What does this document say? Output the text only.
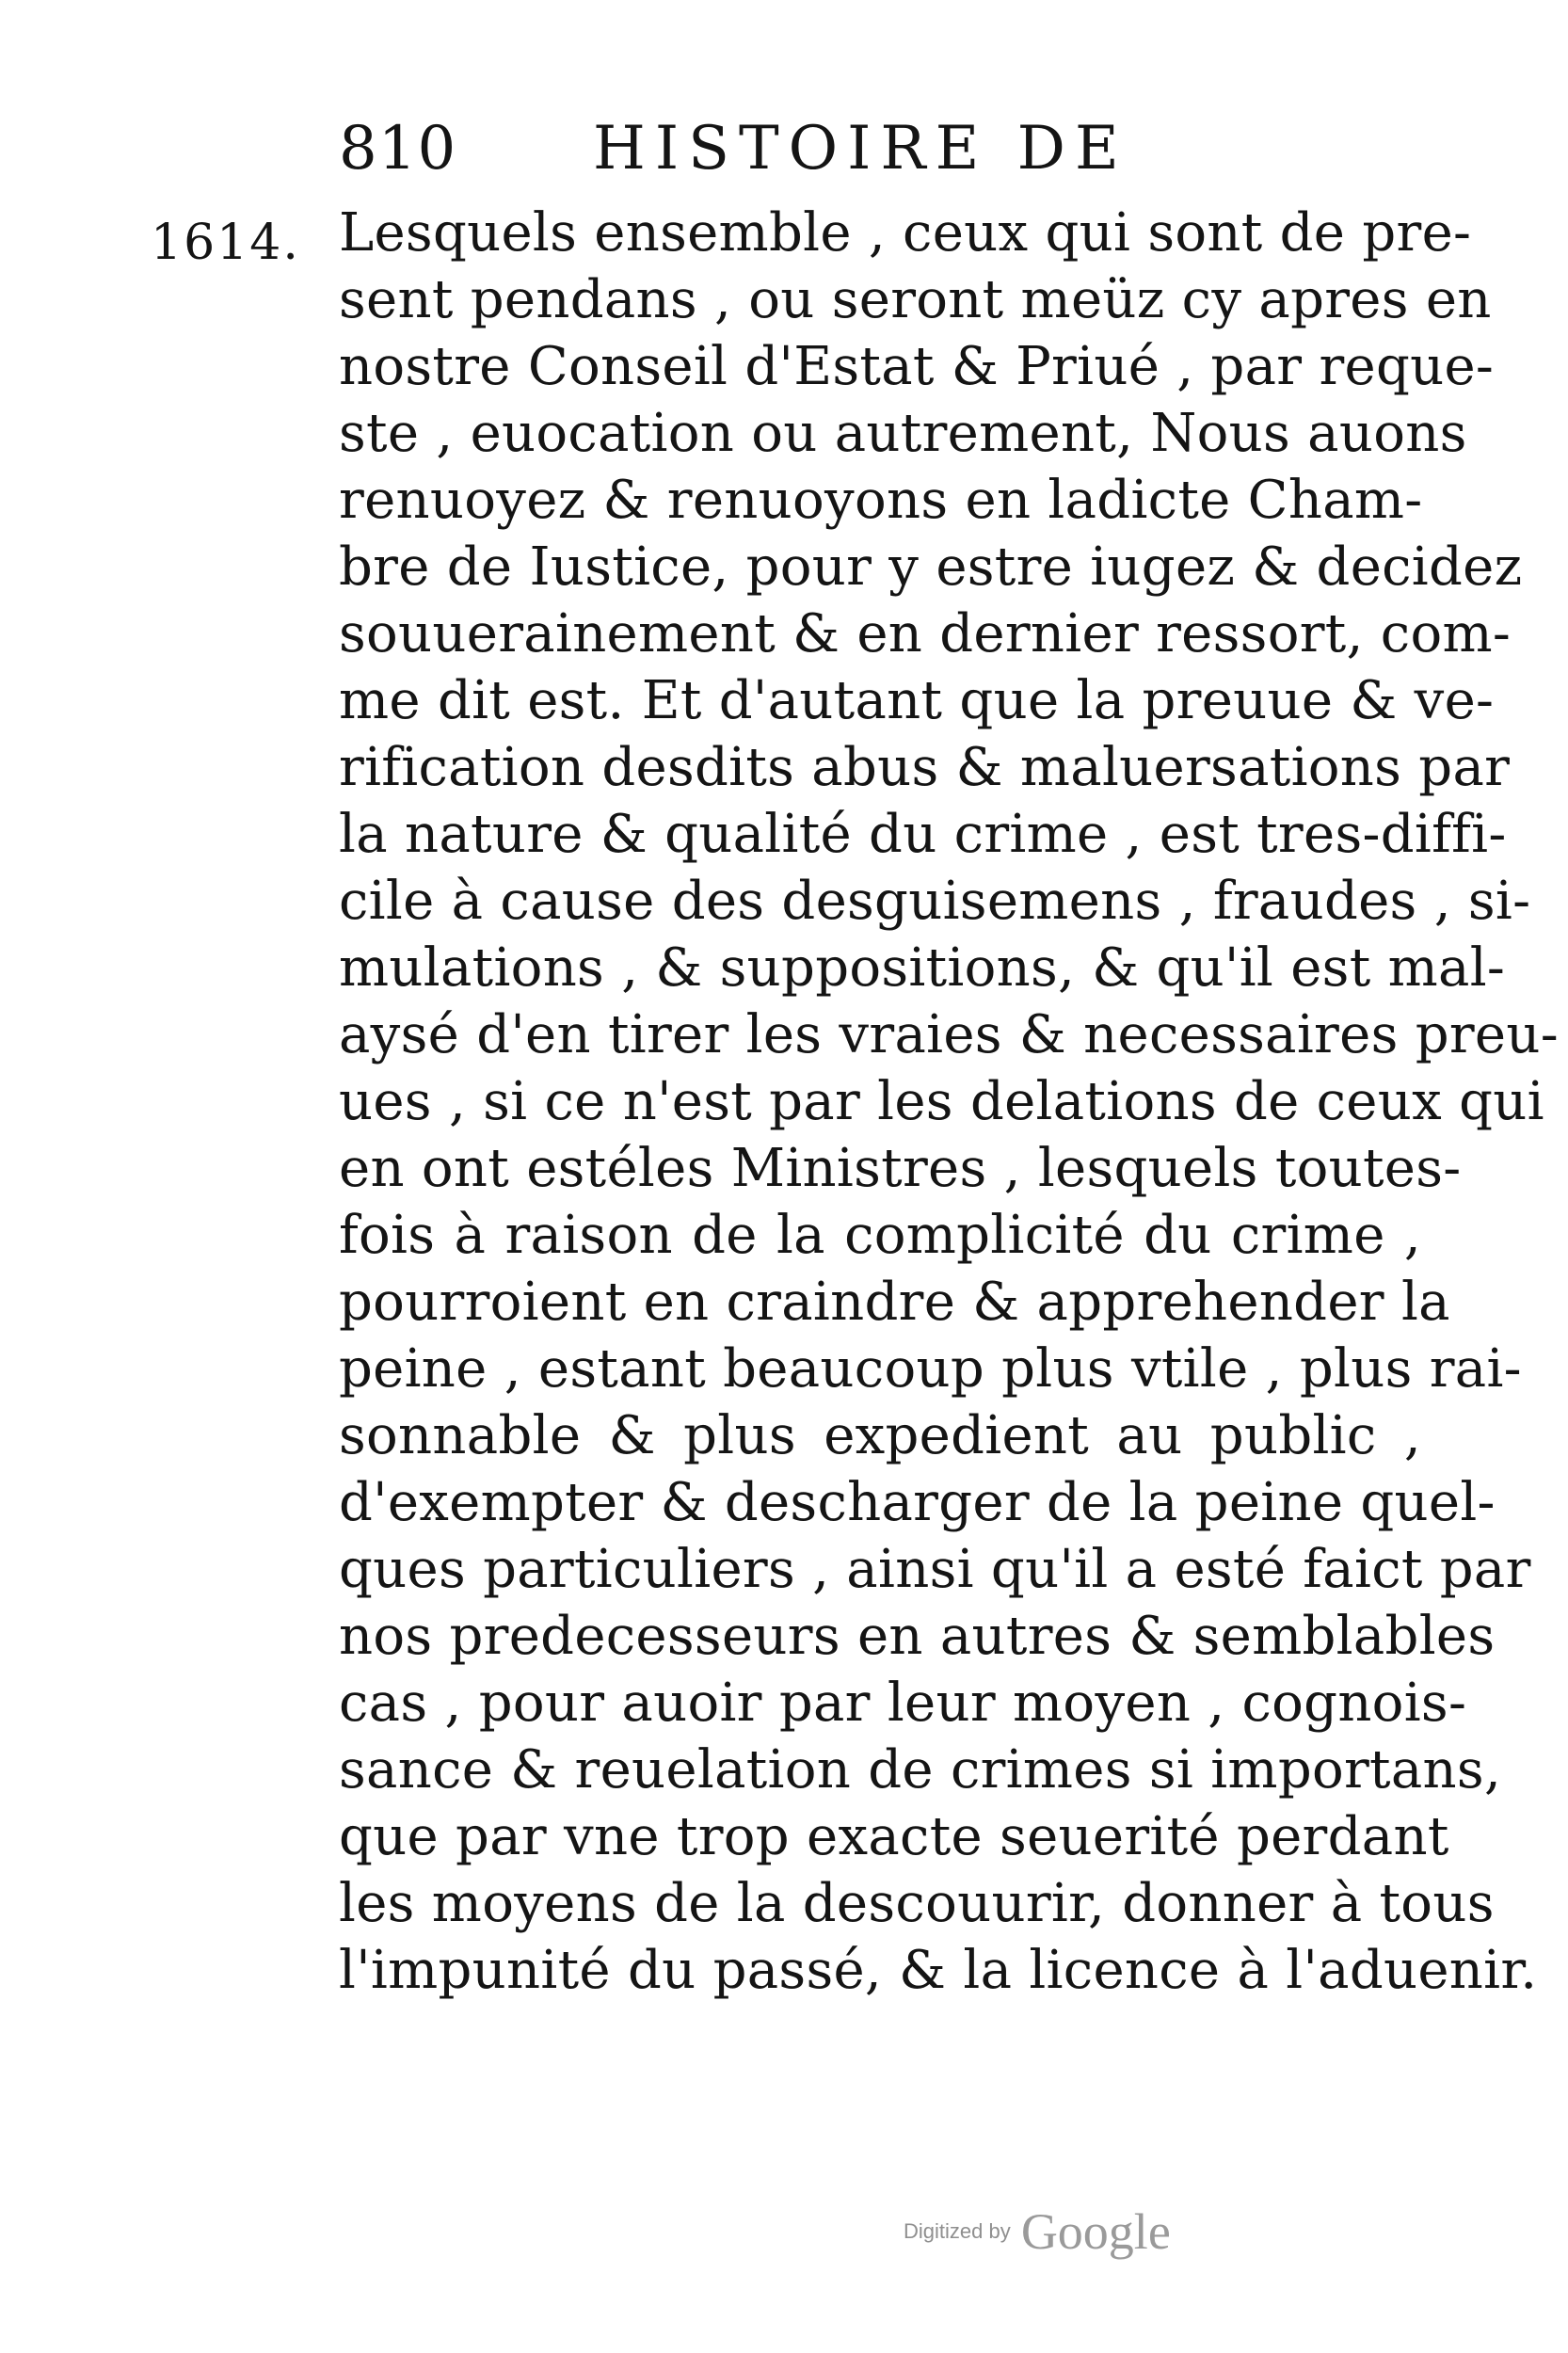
810 HISTOIRE DE
1614. Lesquels ensemble , ceux qui sont de pre-
sent pendans , ou seront meüz cy apres en
nostre Conseil d'Estat & Priué , par reque-
ste , euocation ou autrement, Nous auons
renuoyez & renuoyons en ladicte Cham-
bre de Iustice, pour y estre iugez & decidez
souuerainement & en dernier ressort, com-
me dit est. Et d'autant que la preuue & ve-
rification desdits abus & maluersations par
la nature & qualité du crime , est tres-diffi-
cile à cause des desguisemens , fraudes , si-
mulations , & suppositions, & qu'il est mal-
aysé d'en tirer les vraies & necessaires preu-
ues , si ce n'est par les delations de ceux qui
en ont estéles Ministres , lesquels toutes-
fois à raison de la complicité du crime ,
pourroient en craindre & apprehender la
peine , estant beaucoup plus vtile , plus rai-
sonnable & plus expedient au public ,
d'exempter & descharger de la peine quel-
ques particuliers , ainsi qu'il a esté faict par
nos predecesseurs en autres & semblables
cas , pour auoir par leur moyen , cognois-
sance & reuelation de crimes si importans,
que par vne trop exacte seuerité perdant
les moyens de la descouurir, donner à tous
l'impunité du passé, & la licence à l'aduenir.
Digitized by Google
